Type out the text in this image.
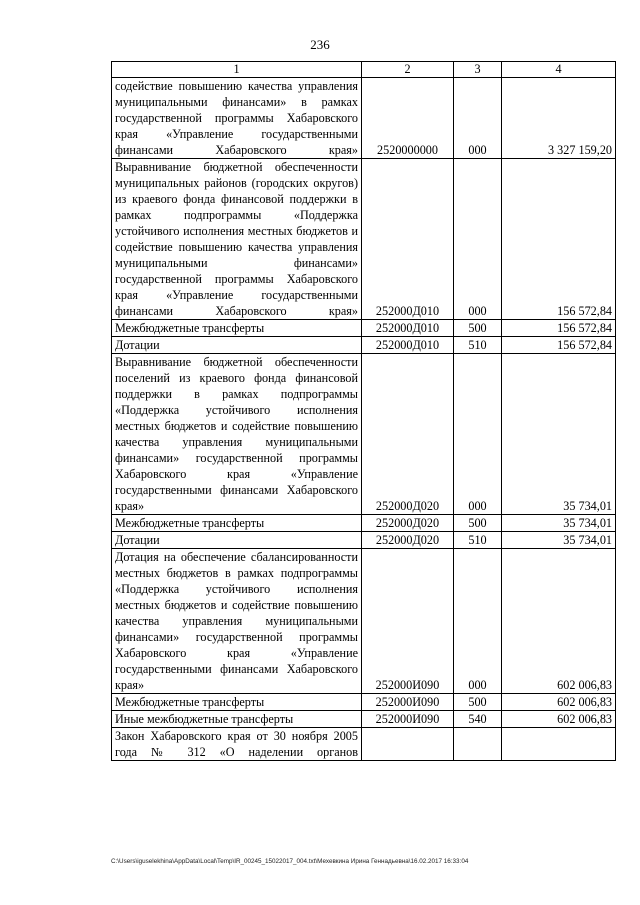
236
1	2	3	4
содействие повышению качества управления муниципальными финансами» в рамках государственной программы Хабаровского края «Управление государственными финансами Хабаровского края»	2520000000	000	3 327 159,20
Выравнивание бюджетной обеспеченности муниципальных районов (городских округов) из краевого фонда финансовой поддержки в рамках подпрограммы «Поддержка устойчивого исполнения местных бюджетов и содействие повышению качества управления муниципальными финансами» государственной программы Хабаровского края «Управление государственными финансами Хабаровского края»	252000Д010	000	156 572,84
Межбюджетные трансферты	252000Д010	500	156 572,84
Дотации	252000Д010	510	156 572,84
Выравнивание бюджетной обеспеченности поселений из краевого фонда финансовой поддержки в рамках подпрограммы «Поддержка устойчивого исполнения местных бюджетов и содействие повышению качества управления муниципальными финансами» государственной программы Хабаровского края «Управление государственными финансами Хабаровского края»	252000Д020	000	35 734,01
Межбюджетные трансферты	252000Д020	500	35 734,01
Дотации	252000Д020	510	35 734,01
Дотация на обеспечение сбалансированности местных бюджетов в рамках подпрограммы «Поддержка устойчивого исполнения местных бюджетов и содействие повышению качества управления муниципальными финансами» государственной программы Хабаровского края «Управление государственными финансами Хабаровского края»	252000И090	000	602 006,83
Межбюджетные трансферты	252000И090	500	602 006,83
Иные межбюджетные трансферты	252000И090	540	602 006,83
Закон Хабаровского края от 30 ноября 2005 года № 312 «О наделении органов			
C:\Users\iguselekhina\AppData\Local\Temp\IR_00245_15022017_004.txt\Мехевкина Ирина Геннадьевна\16.02.2017 16:33:04
